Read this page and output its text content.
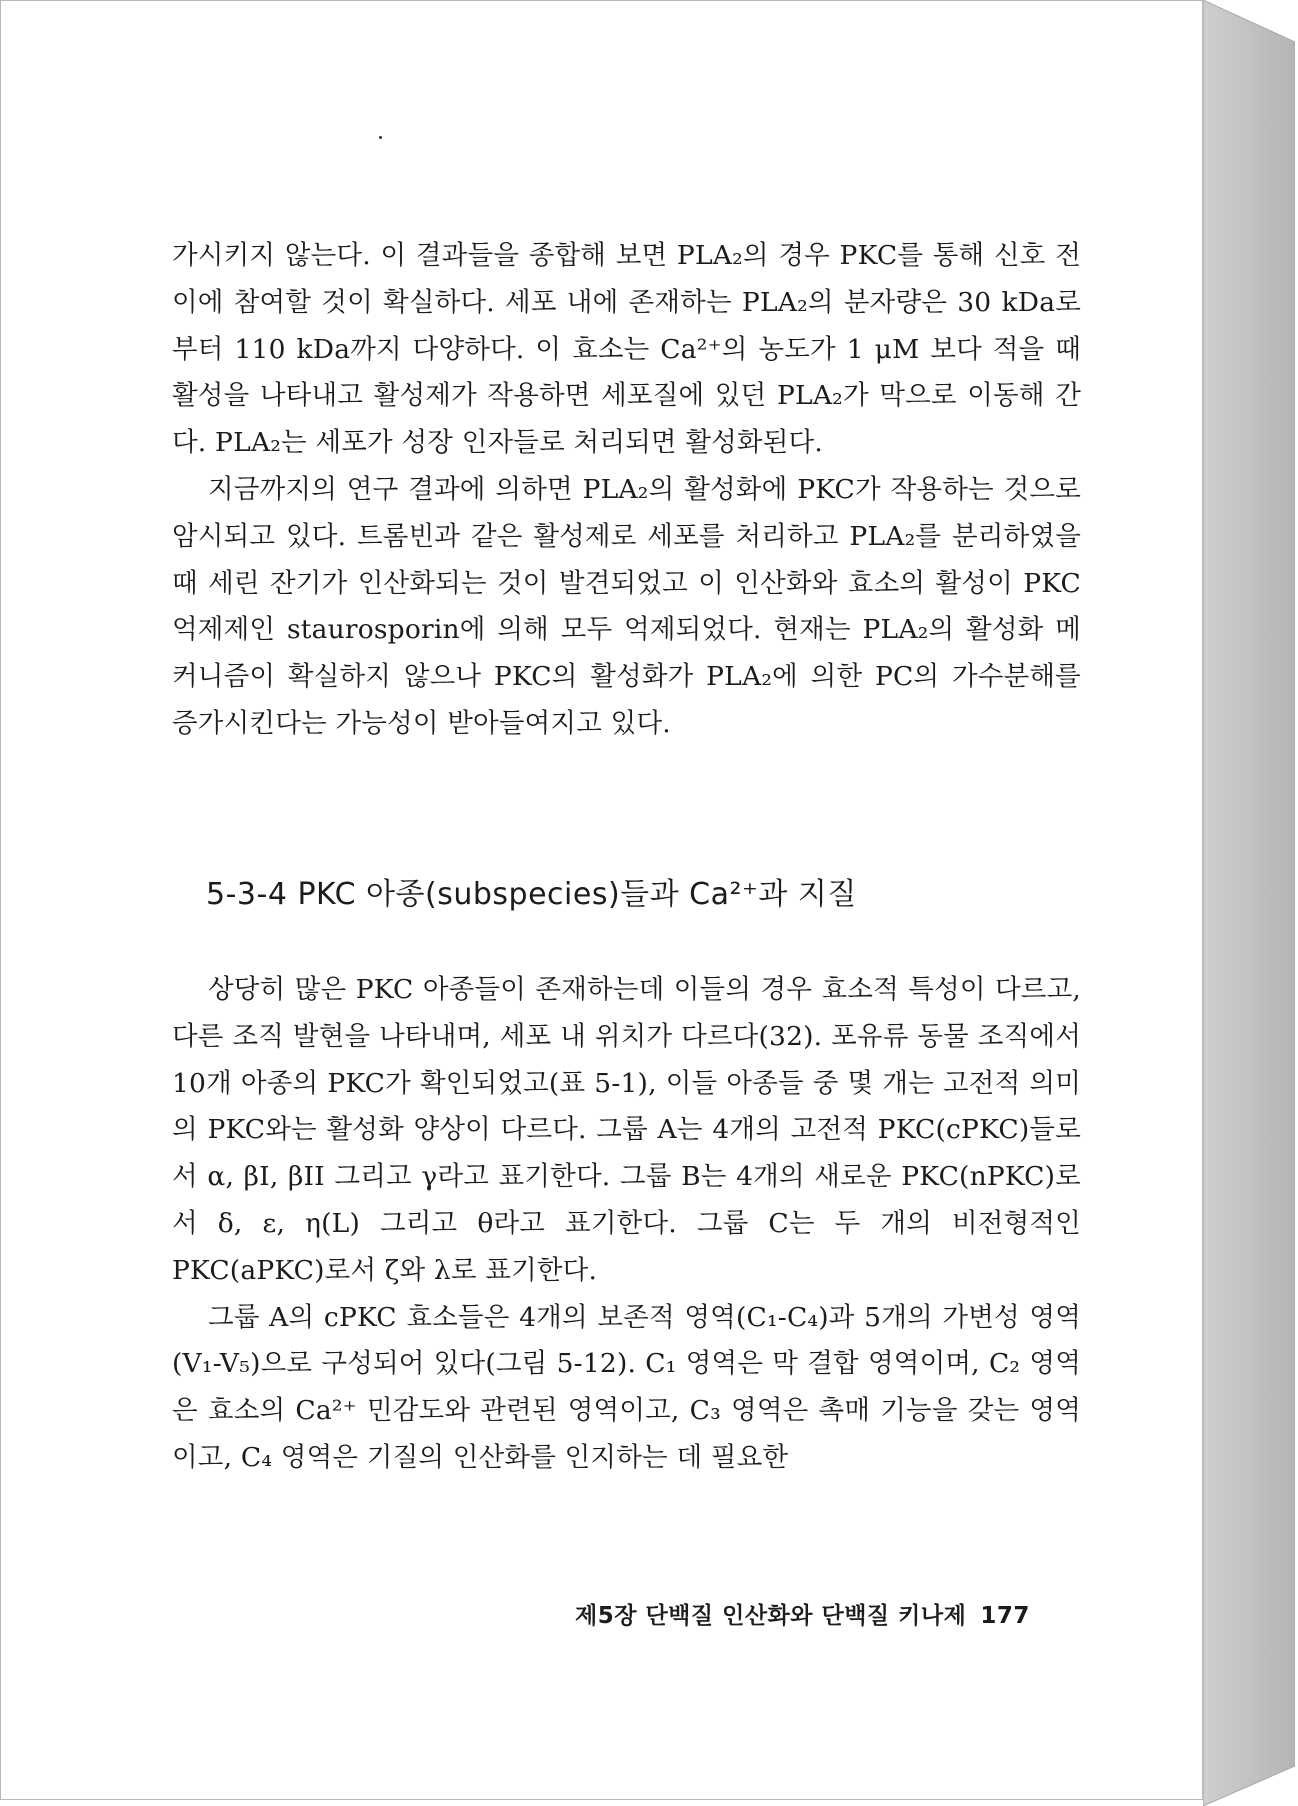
가시키지 않는다. 이 결과들을 종합해 보면 PLA₂의 경우 PKC를 통해 신호 전이에 참여할 것이 확실하다. 세포 내에 존재하는 PLA₂의 분자량은 30 kDa로부터 110 kDa까지 다양하다. 이 효소는 Ca²⁺의 농도가 1 μM 보다 적을 때 활성을 나타내고 활성제가 작용하면 세포질에 있던 PLA₂가 막으로 이동해 간다. PLA₂는 세포가 성장 인자들로 처리되면 활성화된다.

지금까지의 연구 결과에 의하면 PLA₂의 활성화에 PKC가 작용하는 것으로 암시되고 있다. 트롬빈과 같은 활성제로 세포를 처리하고 PLA₂를 분리하였을 때 세린 잔기가 인산화되는 것이 발견되었고 이 인산화와 효소의 활성이 PKC 억제제인 staurosporin에 의해 모두 억제되었다. 현재는 PLA₂의 활성화 메커니즘이 확실하지 않으나 PKC의 활성화가 PLA₂에 의한 PC의 가수분해를 증가시킨다는 가능성이 받아들여지고 있다.

5-3-4 PKC 아종(subspecies)들과 Ca²⁺과 지질

상당히 많은 PKC 아종들이 존재하는데 이들의 경우 효소적 특성이 다르고, 다른 조직 발현을 나타내며, 세포 내 위치가 다르다(32). 포유류 동물 조직에서 10개 아종의 PKC가 확인되었고(표 5-1), 이들 아종들 중 몇 개는 고전적 의미의 PKC와는 활성화 양상이 다르다. 그룹 A는 4개의 고전적 PKC(cPKC)들로서 α, βI, βII 그리고 γ라고 표기한다. 그룹 B는 4개의 새로운 PKC(nPKC)로서 δ, ε, η(L) 그리고 θ라고 표기한다. 그룹 C는 두 개의 비전형적인 PKC(aPKC)로서 ζ와 λ로 표기한다.

그룹 A의 cPKC 효소들은 4개의 보존적 영역(C₁-C₄)과 5개의 가변성 영역(V₁-V₅)으로 구성되어 있다(그림 5-12). C₁ 영역은 막 결합 영역이며, C₂ 영역은 효소의 Ca²⁺ 민감도와 관련된 영역이고, C₃ 영역은 촉매 기능을 갖는 영역이고, C₄ 영역은 기질의 인산화를 인지하는 데 필요한

제5장 단백질 인산화와 단백질 키나제 177
